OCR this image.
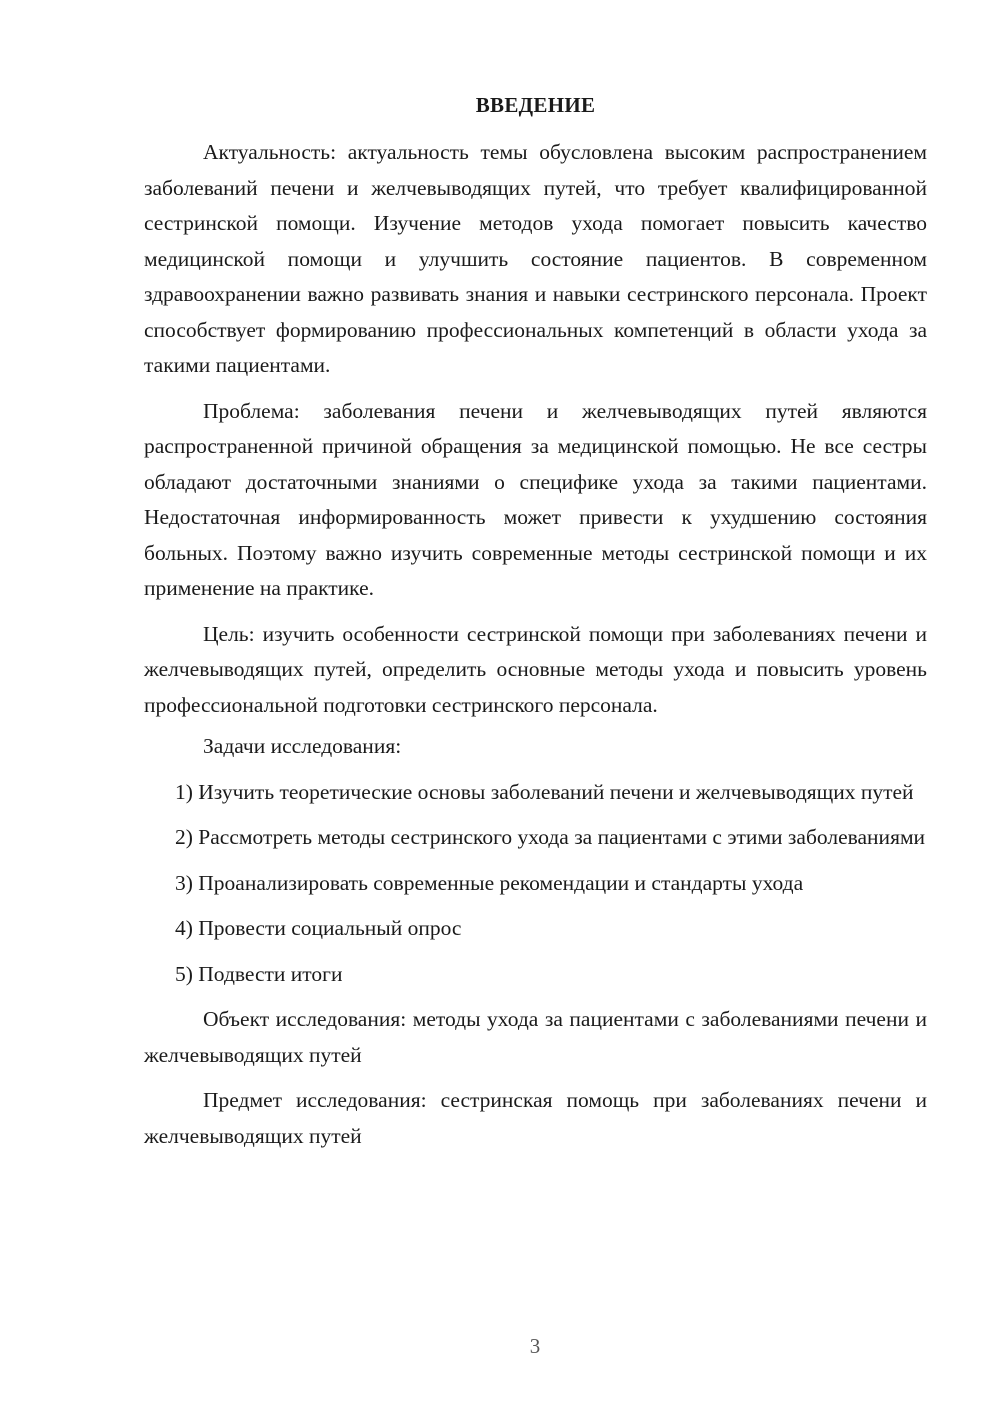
ВВЕДЕНИЕ

Актуальность: актуальность темы обусловлена высоким распространением заболеваний печени и желчевыводящих путей, что требует квалифицированной сестринской помощи. Изучение методов ухода помогает повысить качество медицинской помощи и улучшить состояние пациентов. В современном здравоохранении важно развивать знания и навыки сестринского персонала. Проект способствует формированию профессиональных компетенций в области ухода за такими пациентами.

Проблема: заболевания печени и желчевыводящих путей являются распространенной причиной обращения за медицинской помощью. Не все сестры обладают достаточными знаниями о специфике ухода за такими пациентами. Недостаточная информированность может привести к ухудшению состояния больных. Поэтому важно изучить современные методы сестринской помощи и их применение на практике.

Цель: изучить особенности сестринской помощи при заболеваниях печени и желчевыводящих путей, определить основные методы ухода и повысить уровень профессиональной подготовки сестринского персонала.

Задачи исследования:

1) Изучить теоретические основы заболеваний печени и желчевыводящих путей

2) Рассмотреть методы сестринского ухода за пациентами с этими заболеваниями

3) Проанализировать современные рекомендации и стандарты ухода

4) Провести социальный опрос

5) Подвести итоги

Объект исследования: методы ухода за пациентами с заболеваниями печени и желчевыводящих путей

Предмет исследования: сестринская помощь при заболеваниях печени и желчевыводящих путей

3
